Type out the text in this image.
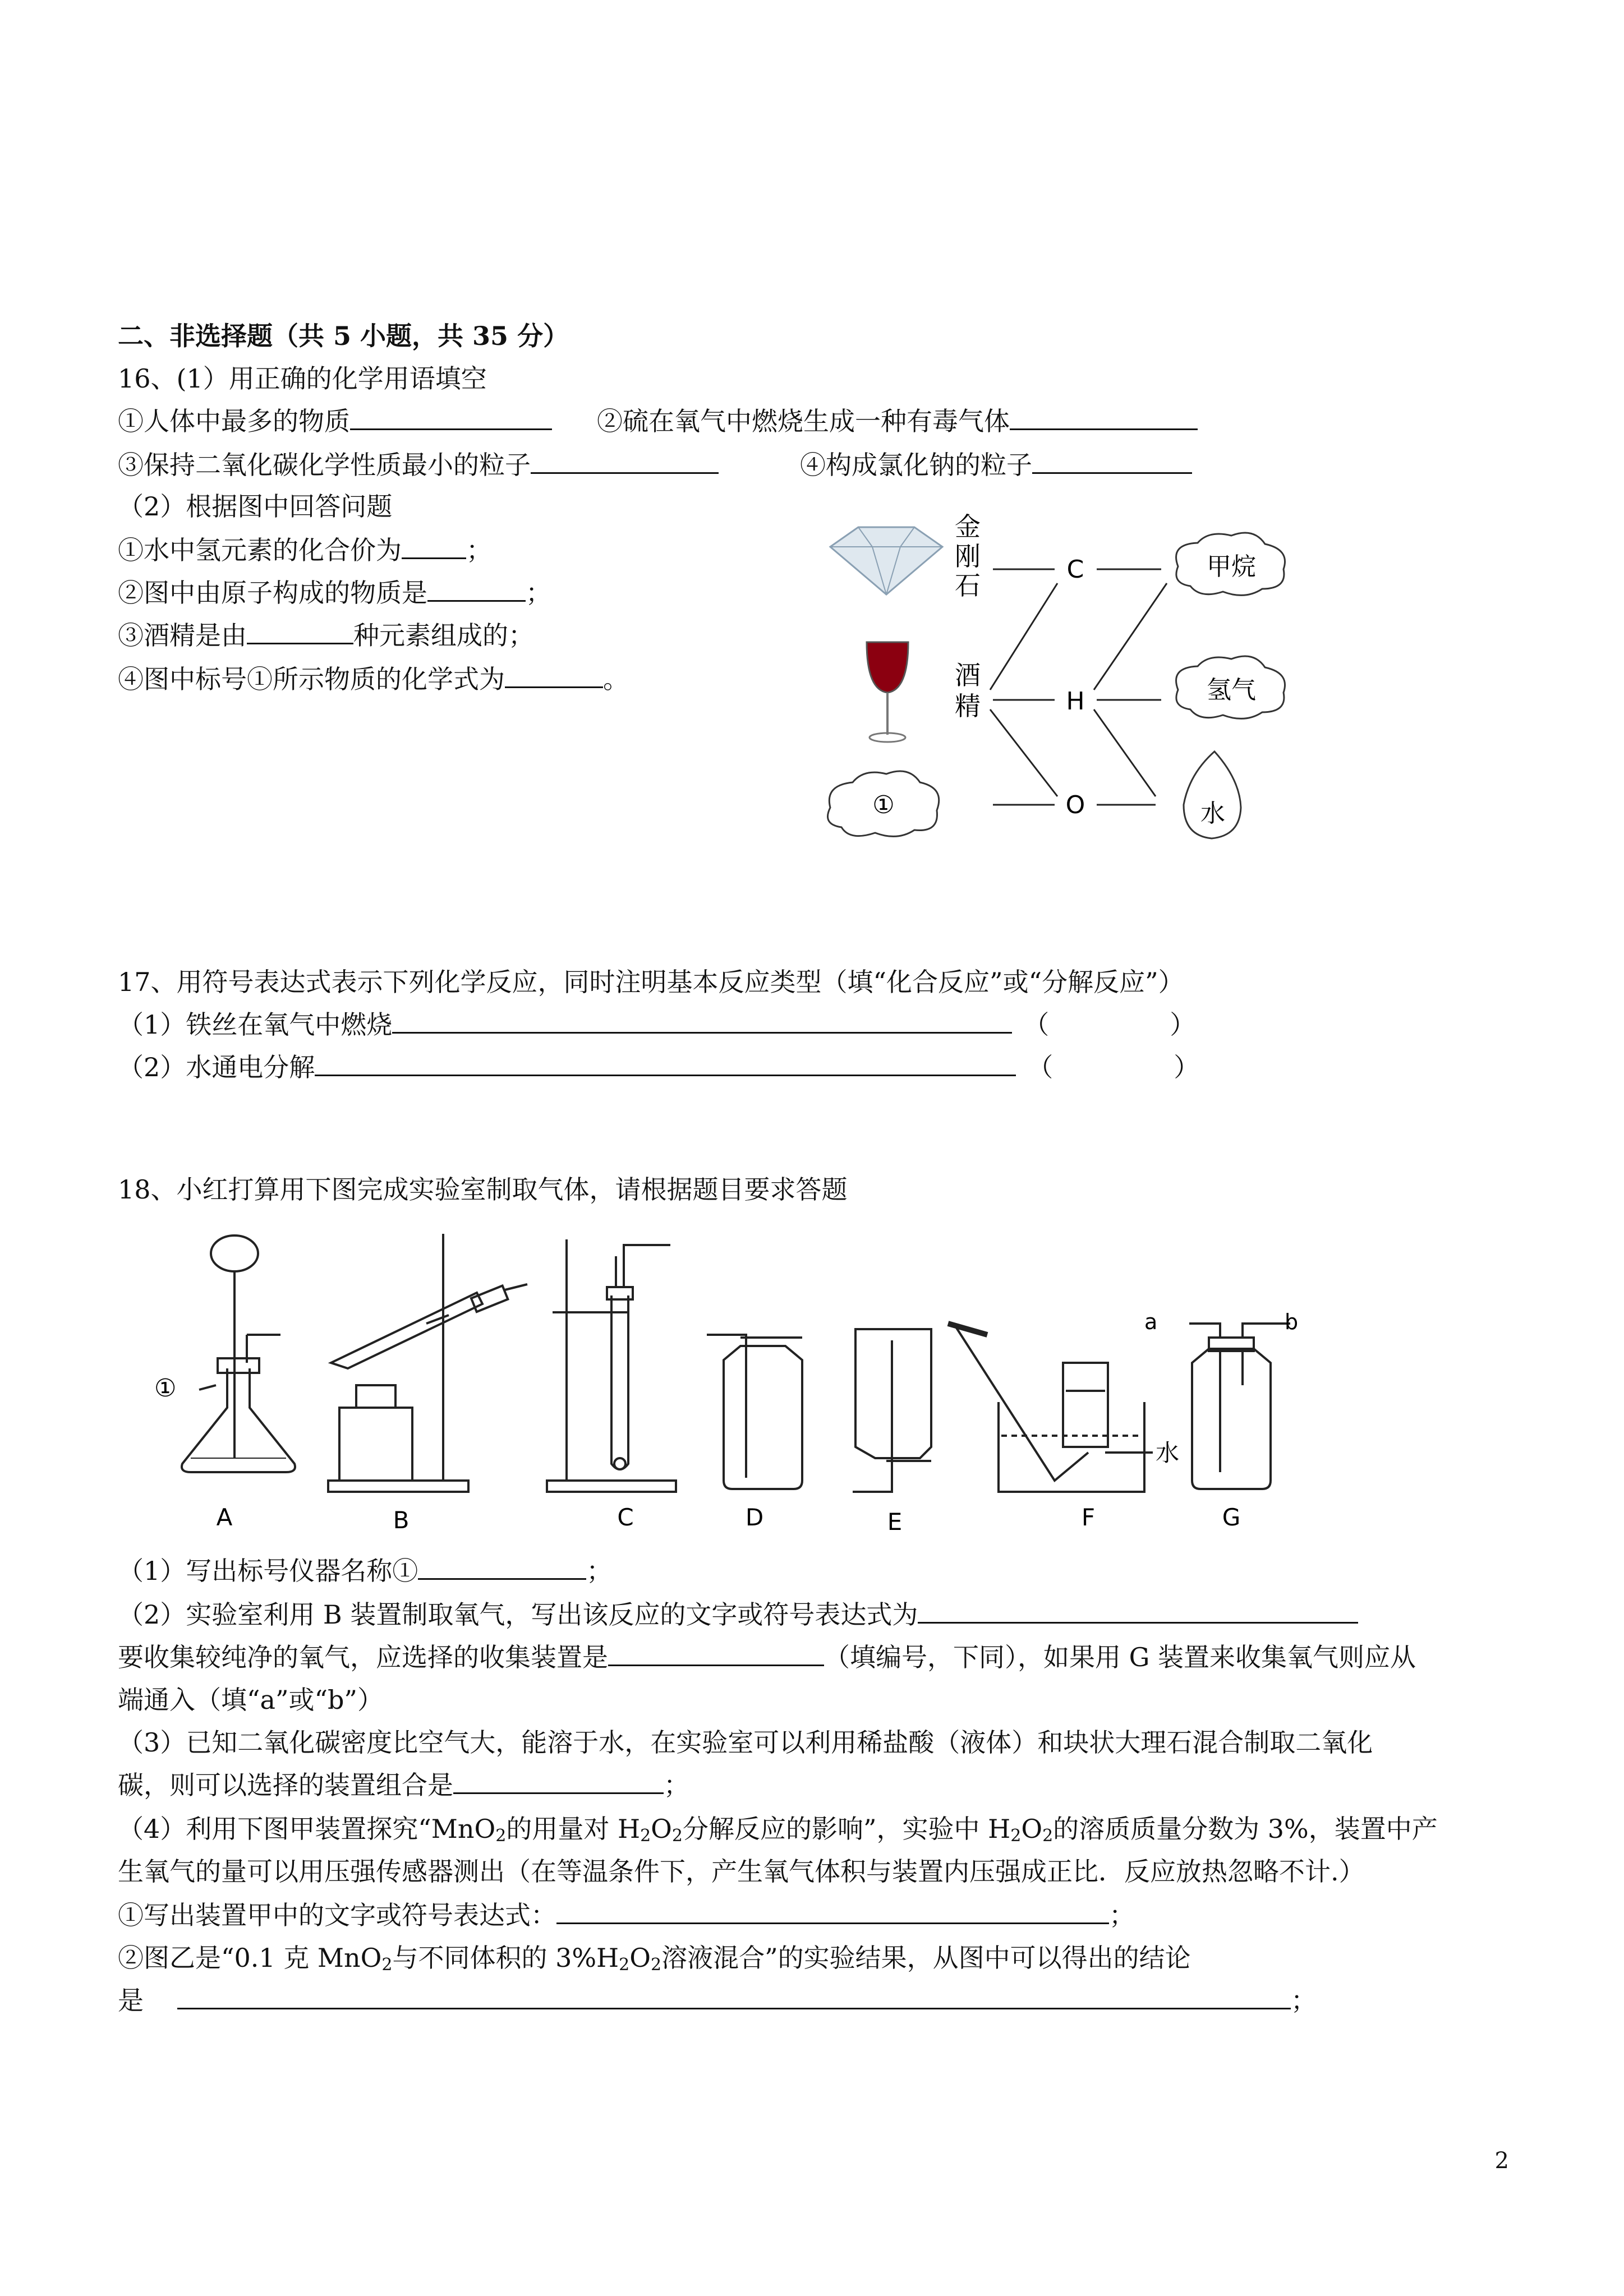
二、非选择题（共 5 小题，共 35 分）
16、(1）用正确的化学用语填空
①人体中最多的物质	②硫在氧气中燃烧生成一种有毒气体
③保持二氧化碳化学性质最小的粒子	④构成氯化钠的粒子
（2）根据图中回答问题
①水中氢元素的化合价为	；
②图中由原子构成的物质是	；
③酒精是由	种元素组成的；
④图中标号①所示物质的化学式为	。
①
金
刚
石
酒
精
C
H
O
甲烷
氢气
水
17、用符号表达式表示下列化学反应，同时注明基本反应类型（填“化合反应”或“分解反应”）
（1）铁丝在氧气中燃烧	（	）
（2）水通电分解	（	）
18、小红打算用下图完成实验室制取气体，请根据题目要求答题
①
水
a	b
A	B	C	D	E	F	G
（1）写出标号仪器名称①	；
（2）实验室利用 B 装置制取氧气，写出该反应的文字或符号表达式为
要收集较纯净的氧气，应选择的收集装置是	（填编号，下同），如果用 G 装置来收集氧气则应从
端通入（填“a”或“b”）
（3）已知二氧化碳密度比空气大，能溶于水，在实验室可以利用稀盐酸（液体）和块状大理石混合制取二氧化
碳，则可以选择的装置组合是	；
（4）利用下图甲装置探究“MnO$_2$的用量对 $H_2O_2$分解反应的影响”，实验中 $H_2O_2$的溶质质量分数为 3%，装置中产
生氧气的量可以用压强传感器测出（在等温条件下，产生氧气体积与装置内压强成正比．反应放热忽略不计.）
①写出装置甲中的文字或符号表达式：	；
②图乙是“0.1 克 MnO$_2$与不同体积的 $3\%H_2O_2$溶液混合”的实验结果，从图中可以得出的结论
是	；
2
